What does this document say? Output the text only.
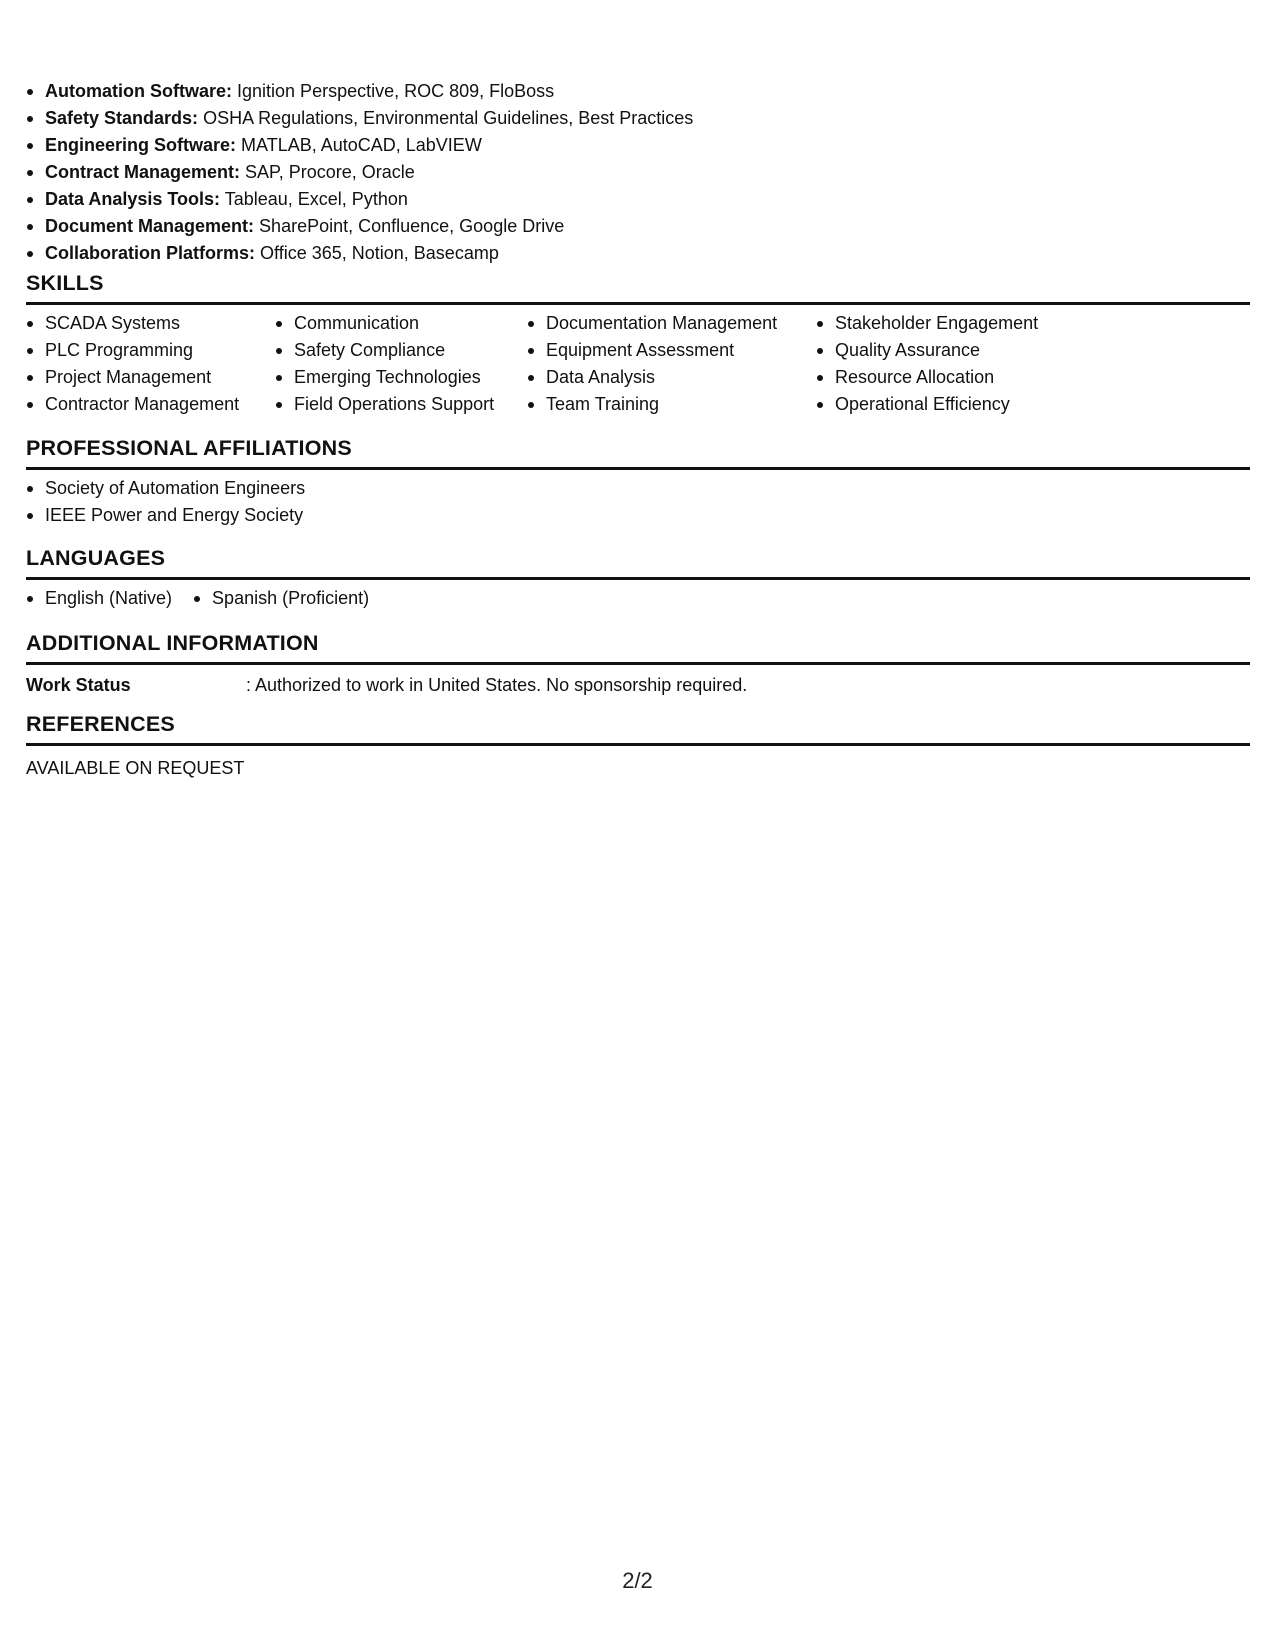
Automation Software: Ignition Perspective, ROC 809, FloBoss
Safety Standards: OSHA Regulations, Environmental Guidelines, Best Practices
Engineering Software: MATLAB, AutoCAD, LabVIEW
Contract Management: SAP, Procore, Oracle
Data Analysis Tools: Tableau, Excel, Python
Document Management: SharePoint, Confluence, Google Drive
Collaboration Platforms: Office 365, Notion, Basecamp
SKILLS
SCADA Systems
PLC Programming
Project Management
Contractor Management
Communication
Safety Compliance
Emerging Technologies
Field Operations Support
Documentation Management
Equipment Assessment
Data Analysis
Team Training
Stakeholder Engagement
Quality Assurance
Resource Allocation
Operational Efficiency
PROFESSIONAL AFFILIATIONS
Society of Automation Engineers
IEEE Power and Energy Society
LANGUAGES
English (Native)	Spanish (Proficient)
ADDITIONAL INFORMATION
Work Status	: Authorized to work in United States. No sponsorship required.
REFERENCES
AVAILABLE ON REQUEST
2/2
